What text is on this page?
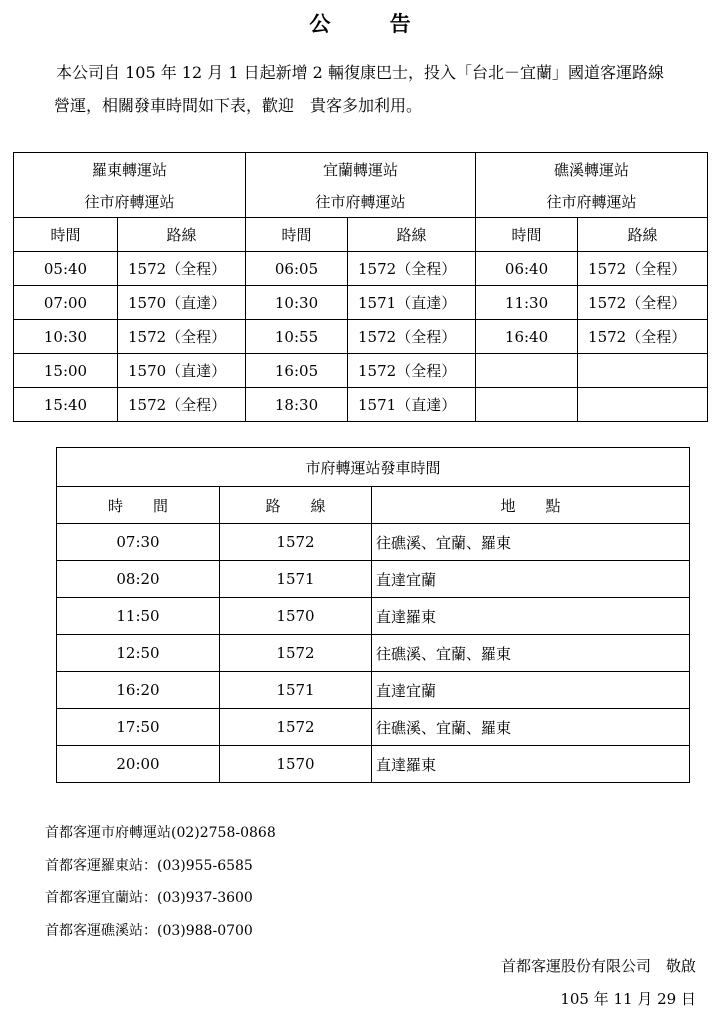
公 告

本公司自 105 年 12 月 1 日起新增 2 輛復康巴士，投入「台北－宜蘭」國道客運路線

營運，相關發車時間如下表，歡迎　貴客多加利用。

羅東轉運站		宜蘭轉運站		礁溪轉運站	
往市府轉運站		往市府轉運站		往市府轉運站	
時間	路線	時間	路線	時間	路線
05:40	1572（全程）	06:05	1572（全程）	06:40	1572（全程）
07:00	1570（直達）	10:30	1571（直達）	11:30	1572（全程）
10:30	1572（全程）	10:55	1572（全程）	16:40	1572（全程）
15:00	1570（直達）	16:05	1572（全程）		
15:40	1572（全程）	18:30	1571（直達）		
市府轉運站發車時間		
時　　間	路　　線	地　　點
07:30	1572	往礁溪、宜蘭、羅東
08:20	1571	直達宜蘭
11:50	1570	直達羅東
12:50	1572	往礁溪、宜蘭、羅東
16:20	1571	直達宜蘭
17:50	1572	往礁溪、宜蘭、羅東
20:00	1570	直達羅東
首都客運市府轉運站(02)2758-0868
首都客運羅東站：(03)955-6585
首都客運宜蘭站：(03)937-3600
首都客運礁溪站：(03)988-0700
首都客運股份有限公司　敬啟
105 年 11 月 29 日
